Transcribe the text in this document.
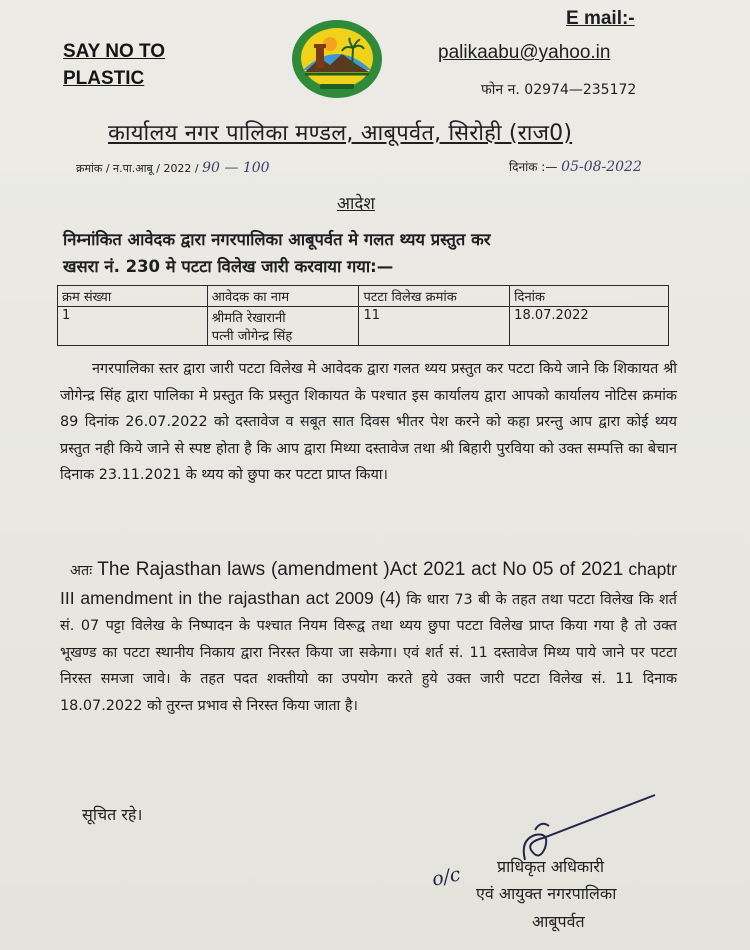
SAY NO TO
PLASTIC
E mail:-
palikaabu@yahoo.in
फोन न. 02974—235172
कार्यालय नगर पालिका मण्डल, आबूपर्वत, सिरोही (राज0)
क्रमांक / न.पा.आबू / 2022 / 90 — 100	दिनांक :— 05-08-2022
आदेश
निम्नांकित आवेदक द्वारा नगरपालिका आबूपर्वत मे गलत थ्यय प्रस्तुत कर
खसरा नं. 230 मे पटटा विलेख जारी करवाया गया:—
क्रम संख्या	आवेदक का नाम	पटटा विलेख क्रमांक	दिनांक
1	श्रीमति रेखारानी
पत्नी जोगेन्द्र सिंह	11	18.07.2022
नगरपालिका स्तर द्वारा जारी पटटा विलेख मे आवेदक द्वारा गलत थ्यय प्रस्तुत कर पटटा किये जाने कि शिकायत श्री जोगेन्द्र सिंह द्वारा पालिका मे प्रस्तुत कि प्रस्तुत शिकायत के पश्चात इस कार्यालय द्वारा आपको कार्यालय नोटिस क्रमांक 89 दिनांक 26.07.2022 को दस्तावेज व सबूत सात दिवस भीतर पेश करने को कहा प्ररन्तु आप द्वारा कोई थ्यय प्रस्तुत नही किये जाने से स्पष्ट होता है कि आप द्वारा मिथ्या दस्तावेज तथा श्री बिहारी पुरविया को उक्त सम्पत्ति का बेचान दिनाक 23.11.2021 के थ्यय को छुपा कर पटटा प्राप्त किया।
अतः The Rajasthan laws (amendment )Act 2021 act No 05 of 2021 chaptr III amendment in the rajasthan act 2009 (4) कि धारा 73 बी के तहत तथा पटटा विलेख कि शर्त सं. 07 पट्टा विलेख के निष्पादन के पश्चात नियम विरूद्व तथा थ्यय छुपा पटटा विलेख प्राप्त किया गया है तो उक्त भूखण्ड का पटटा स्थानीय निकाय द्वारा निरस्त किया जा सकेगा। एवं शर्त सं. 11 दस्तावेज मिथ्य पाये जाने पर पटटा निरस्त समजा जावे। के तहत पदत शक्तीयो का उपयोग करते हुये उक्त जारी पटटा विलेख सं. 11 दिनाक 18.07.2022 को तुरन्त प्रभाव से निरस्त किया जाता है।
सूचित रहे।
o/c प्राधिकृत अधिकारी
एवं आयुक्त नगरपालिका
आबूपर्वत
